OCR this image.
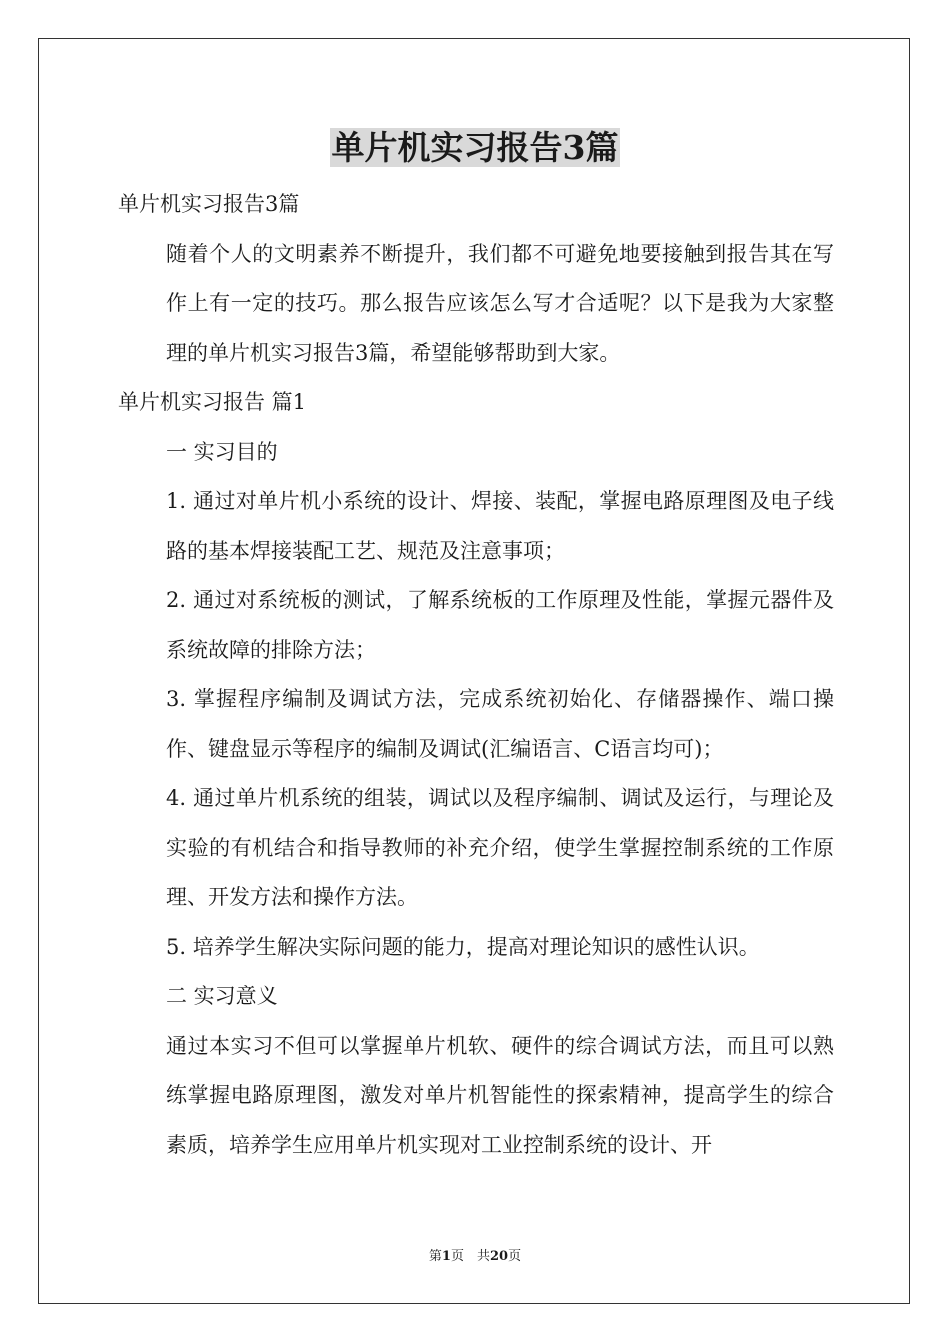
单片机实习报告3篇

单片机实习报告3篇

随着个人的文明素养不断提升，我们都不可避免地要接触到报告其在写作上有一定的技巧。那么报告应该怎么写才合适呢？以下是我为大家整理的单片机实习报告3篇，希望能够帮助到大家。

单片机实习报告 篇1

一 实习目的

1. 通过对单片机小系统的设计、焊接、装配，掌握电路原理图及电子线路的基本焊接装配工艺、规范及注意事项；

2. 通过对系统板的测试，了解系统板的工作原理及性能，掌握元器件及系统故障的排除方法；

3. 掌握程序编制及调试方法，完成系统初始化、存储器操作、端口操作、键盘显示等程序的编制及调试(汇编语言、C语言均可)；

4. 通过单片机系统的组装，调试以及程序编制、调试及运行，与理论及实验的有机结合和指导教师的补充介绍，使学生掌握控制系统的工作原理、开发方法和操作方法。

5. 培养学生解决实际问题的能力，提高对理论知识的感性认识。

二 实习意义

通过本实习不但可以掌握单片机软、硬件的综合调试方法，而且可以熟练掌握电路原理图，激发对单片机智能性的探索精神，提高学生的综合素质，培养学生应用单片机实现对工业控制系统的设计、开

第1页　共20页
